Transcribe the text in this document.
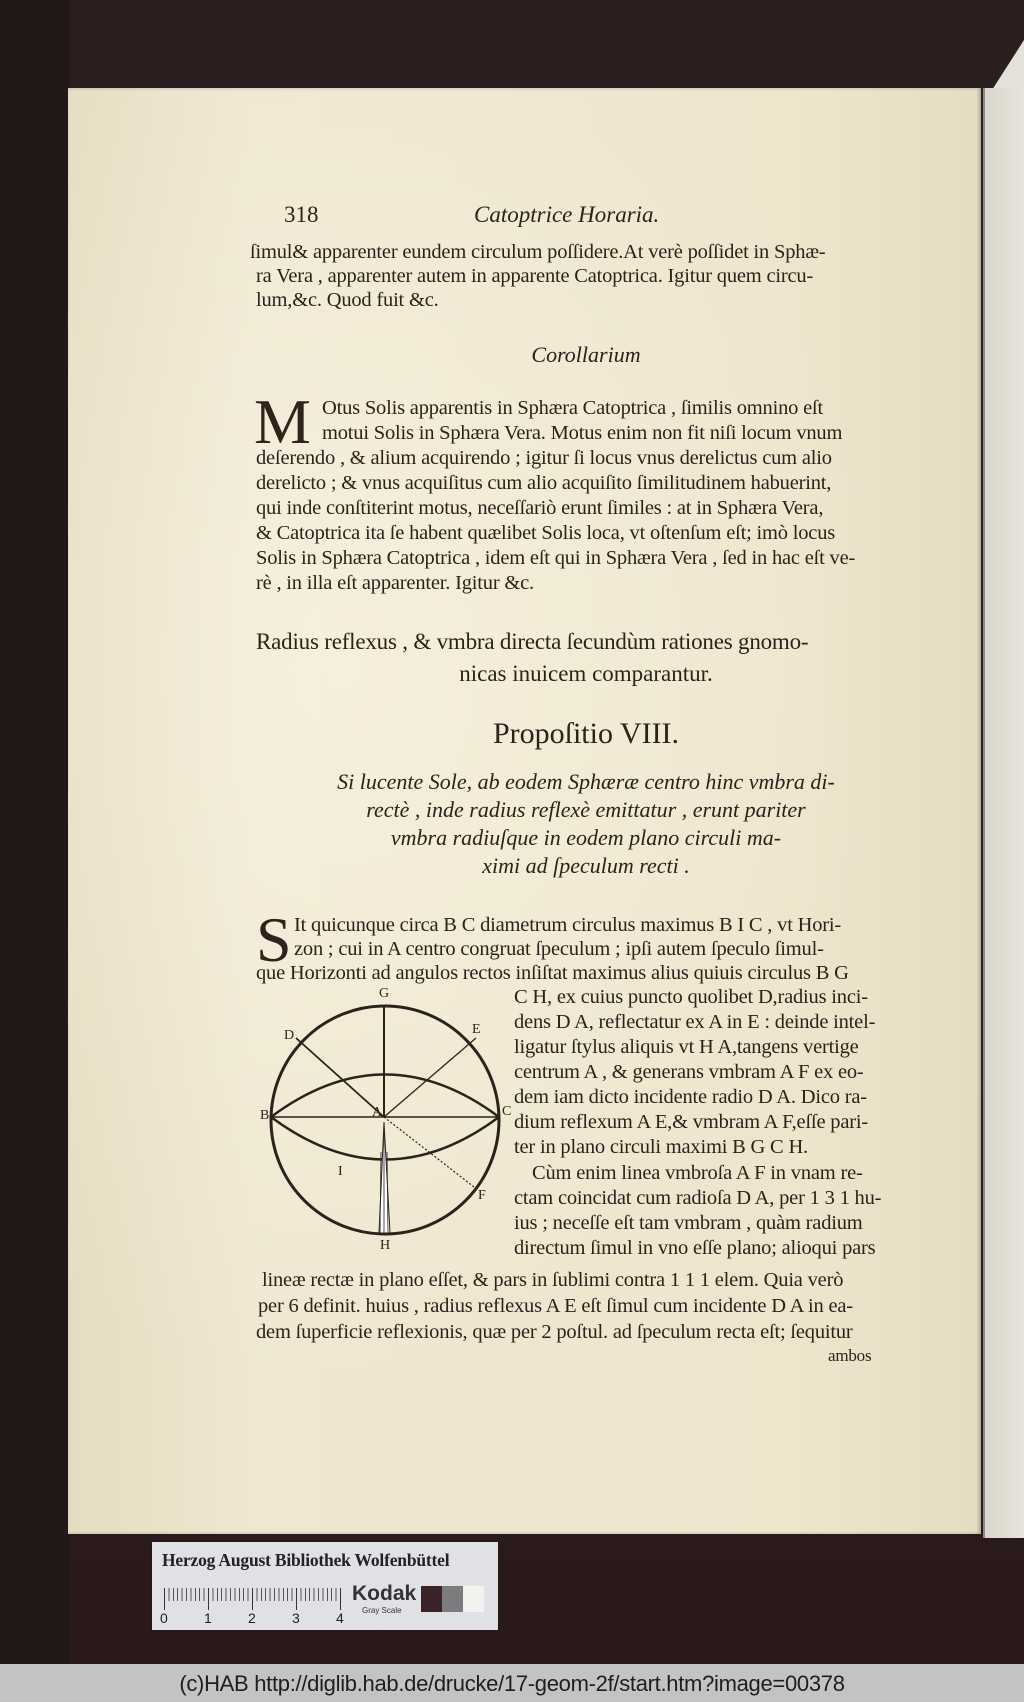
318	Catoptrice Horaria.
ſimul& apparenter eundem circulum poſſidere.At verè poſſidet in Sphæ-
ra Vera , apparenter autem in apparente Catoptrica. Igitur quem circu-
lum,&c. Quod fuit &c.
Corollarium
M Otus Solis apparentis in Sphæra Catoptrica , ſimilis omnino eſt
motui Solis in Sphæra Vera. Motus enim non fit niſi locum vnum
deſerendo , & alium acquirendo ; igitur ſi locus vnus derelictus cum alio
derelicto ; & vnus acquiſitus cum alio acquiſito ſimilitudinem habuerint,
qui inde conſtiterint motus, neceſſariò erunt ſimiles : at in Sphæra Vera,
& Catoptrica ita ſe habent quælibet Solis loca, vt oſtenſum eſt; imò locus
Solis in Sphæra Catoptrica , idem eſt qui in Sphæra Vera , ſed in hac eſt ve-
rè , in illa eſt apparenter. Igitur &c.
Radius reflexus , & vmbra directa ſecundùm rationes gnomo-
nicas inuicem comparantur.
Propoſitio VIII.
Si lucente Sole, ab eodem Sphæræ centro hinc vmbra di-
rectè , inde radius reflexè emittatur , erunt pariter
vmbra radiuſque in eodem plano circuli ma-
ximi ad ſpeculum recti .
S It quicunque circa B C diametrum circulus maximus B I C , vt Hori-
zon ; cui in A centro congruat ſpeculum ; ipſi autem ſpeculo ſimul-
que Horizonti ad angulos rectos inſiſtat maximus alius quiuis circulus B G
C H, ex cuius puncto quolibet D,radius inci-
dens D A, reflectatur ex A in E : deinde intel-
ligatur ſtylus aliquis vt H A,tangens vertige
centrum A , & generans vmbram A F ex eo-
dem iam dicto incidente radio D A. Dico ra-
dium reflexum A E,& vmbram A F,eſſe pari-
ter in plano circuli maximi B G C H.
Cùm enim linea vmbroſa A F in vnam re-
ctam coincidat cum radioſa D A, per 1 3 1 hu-
ius ; neceſſe eſt tam vmbram , quàm radium
directum ſimul in vno eſſe plano; alioqui pars
lineæ rectæ in plano eſſet, & pars in ſublimi contra 1 1 1 elem. Quia verò
per 6 definit. huius , radius reflexus A E eſt ſimul cum incidente D A in ea-
dem ſuperficie reflexionis, quæ per 2 poſtul. ad ſpeculum recta eſt; ſequitur
ambos
G
D	E
B	C
A
I
F
H
Herzog August Bibliothek Wolfenbüttel
0	1	2	3	4
Kodak
Gray Scale
(c)HAB http://diglib.hab.de/drucke/17-geom-2f/start.htm?image=00378
